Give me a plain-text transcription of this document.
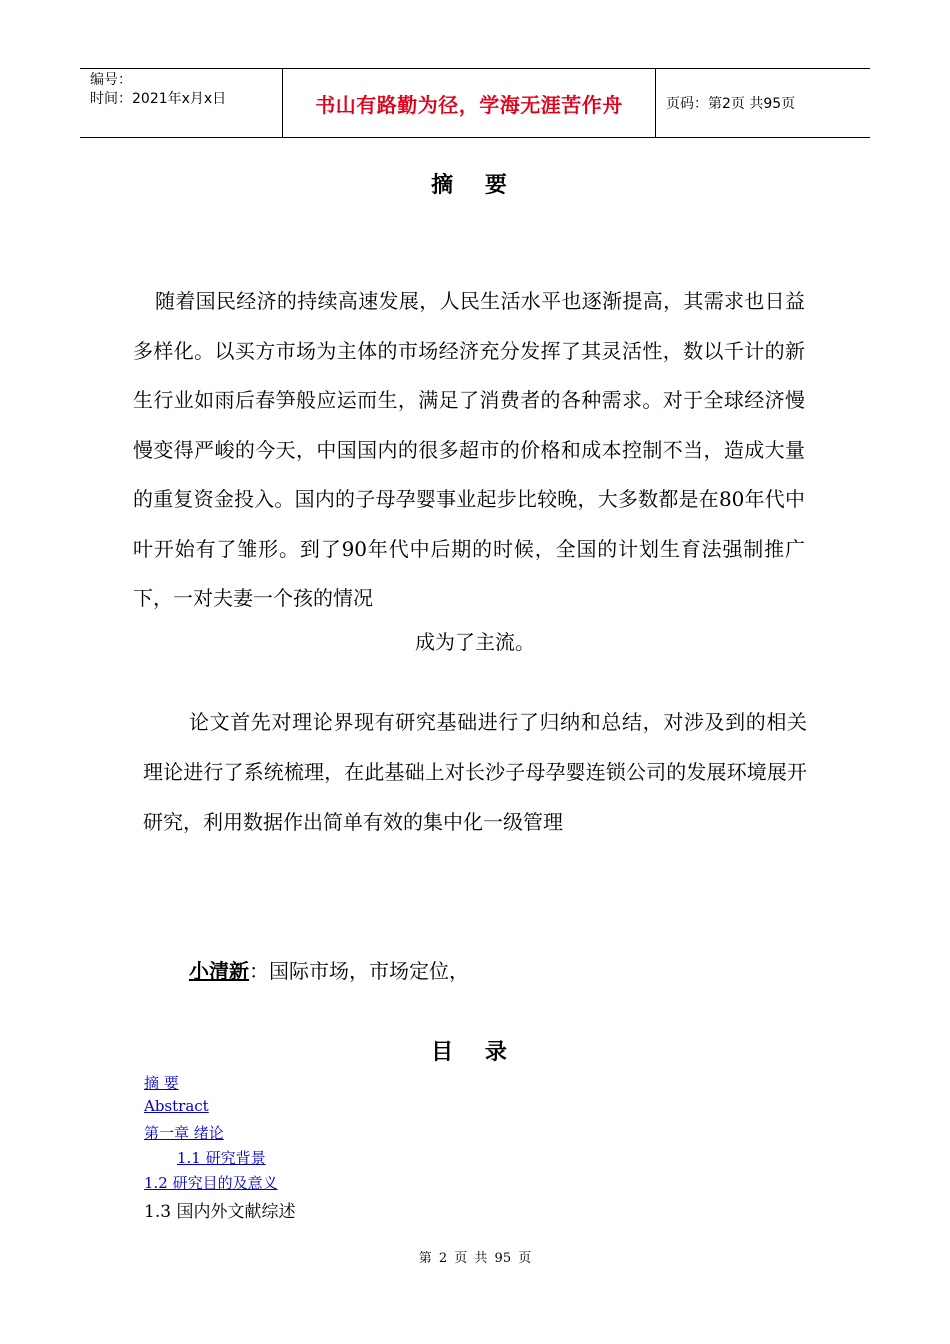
编号：
时间：2021年x月x日	书山有路勤为径，学海无涯苦作舟	页码：第2页 共95页
摘 要
随着国民经济的持续高速发展，人民生活水平也逐渐提高，其需求也日益多样化。以买方市场为主体的市场经济充分发挥了其灵活性，数以千计的新生行业如雨后春笋般应运而生，满足了消费者的各种需求。对于全球经济慢慢变得严峻的今天，中国国内的很多超市的价格和成本控制不当，造成大量的重复资金投入。国内的子母孕婴事业起步比较晚，大多数都是在80年代中叶开始有了雏形。到了90年代中后期的时候，全国的计划生育法强制推广下，一对夫妻一个孩的情况
成为了主流。
论文首先对理论界现有研究基础进行了归纳和总结，对涉及到的相关理论进行了系统梳理，在此基础上对长沙子母孕婴连锁公司的发展环境展开研究，利用数据作出简单有效的集中化一级管理
小清新：国际市场，市场定位，
目 录
摘 要
Abstract
第一章 绪论
1.1 研究背景
1.2 研究目的及意义
1.3 国内外文献综述
第 2 页 共 95 页
